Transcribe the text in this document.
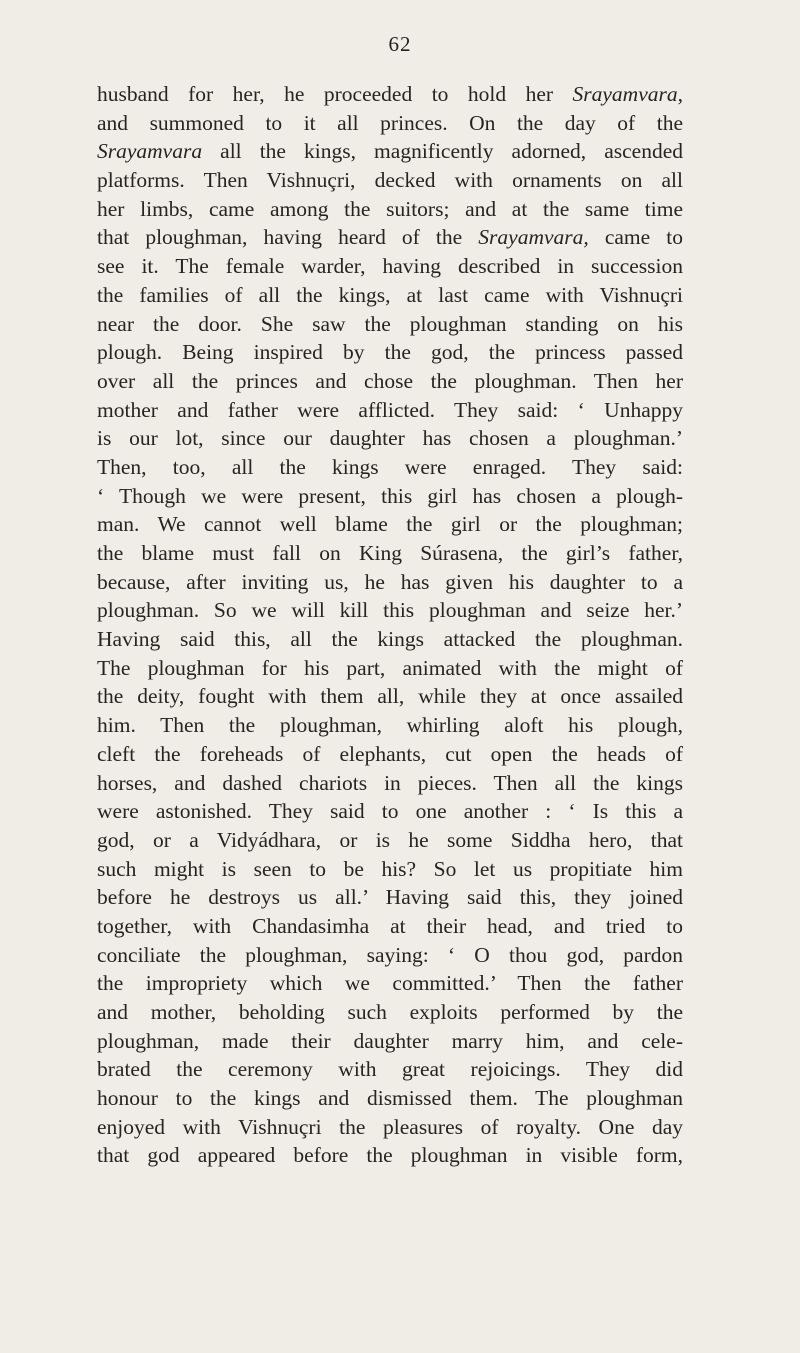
62
husband for her, he proceeded to hold her Srayamvara,
and summoned to it all princes. On the day of the
Srayamvara all the kings, magnificently adorned, ascended
platforms. Then Vishnuçri, decked with ornaments on all
her limbs, came among the suitors; and at the same time
that ploughman, having heard of the Srayamvara, came to
see it. The female warder, having described in succession
the families of all the kings, at last came with Vishnuçri
near the door. She saw the ploughman standing on his
plough. Being inspired by the god, the princess passed
over all the princes and chose the ploughman. Then her
mother and father were afflicted. They said: ‘ Unhappy
is our lot, since our daughter has chosen a ploughman.’
Then, too, all the kings were enraged. They said:
‘ Though we were present, this girl has chosen a plough-
man. We cannot well blame the girl or the ploughman;
the blame must fall on King Súrasena, the girl’s father,
because, after inviting us, he has given his daughter to a
ploughman. So we will kill this ploughman and seize her.’
Having said this, all the kings attacked the ploughman.
The ploughman for his part, animated with the might of
the deity, fought with them all, while they at once assailed
him. Then the ploughman, whirling aloft his plough,
cleft the foreheads of elephants, cut open the heads of
horses, and dashed chariots in pieces. Then all the kings
were astonished. They said to one another : ‘ Is this a
god, or a Vidyádhara, or is he some Siddha hero, that
such might is seen to be his? So let us propitiate him
before he destroys us all.’ Having said this, they joined
together, with Chandasimha at their head, and tried to
conciliate the ploughman, saying: ‘ O thou god, pardon
the impropriety which we committed.’ Then the father
and mother, beholding such exploits performed by the
ploughman, made their daughter marry him, and cele-
brated the ceremony with great rejoicings. They did
honour to the kings and dismissed them. The ploughman
enjoyed with Vishnuçri the pleasures of royalty. One day
that god appeared before the ploughman in visible form,
